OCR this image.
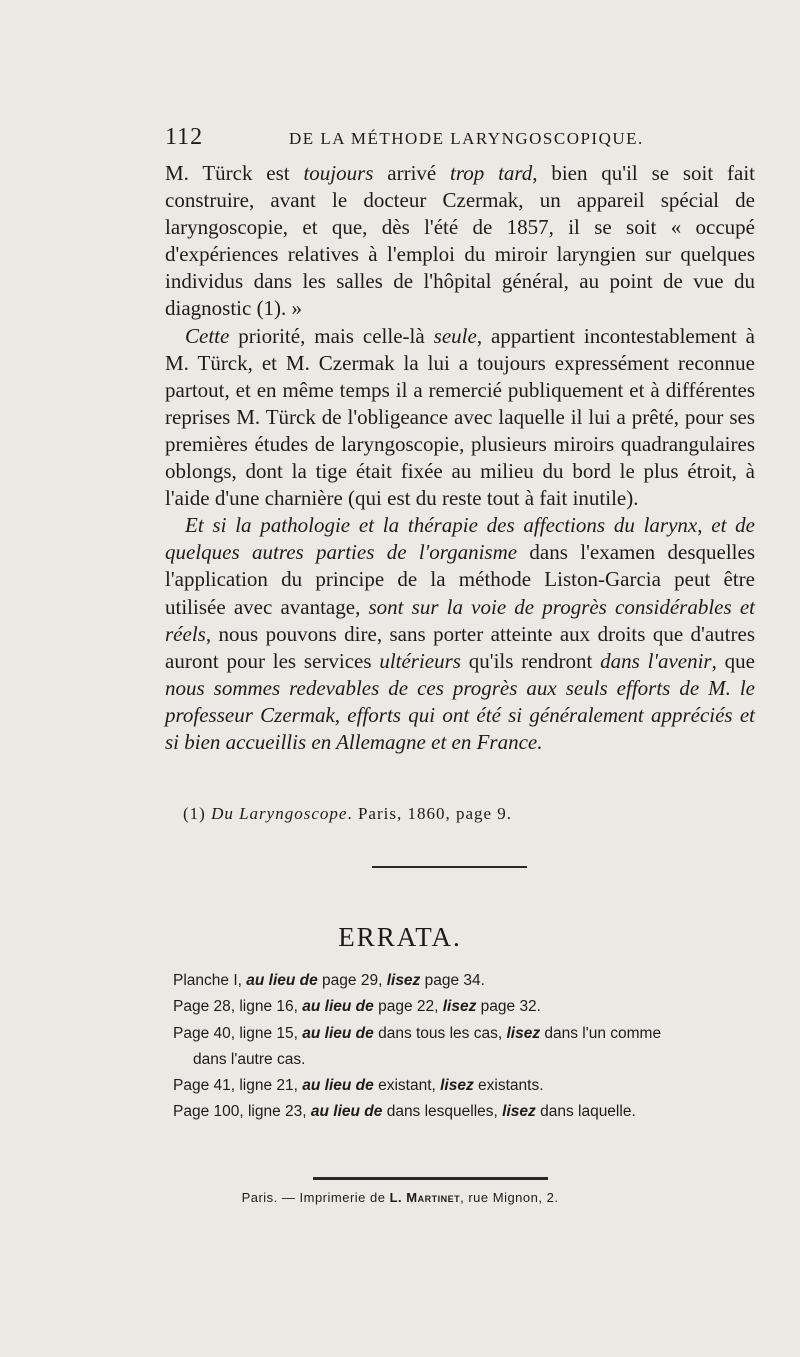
112	DE LA MÉTHODE LARYNGOSCOPIQUE.

M. Türck est toujours arrivé trop tard, bien qu'il se soit fait construire, avant le docteur Czermak, un appareil spécial de laryngoscopie, et que, dès l'été de 1857, il se soit « occupé d'expériences relatives à l'emploi du miroir laryngien sur quelques individus dans les salles de l'hôpital général, au point de vue du diagnostic (1). »

Cette priorité, mais celle-là seule, appartient incontestablement à M. Türck, et M. Czermak la lui a toujours expressément reconnue partout, et en même temps il a remercié publiquement et à différentes reprises M. Türck de l'obligeance avec laquelle il lui a prêté, pour ses premières études de laryngoscopie, plusieurs miroirs quadrangulaires oblongs, dont la tige était fixée au milieu du bord le plus étroit, à l'aide d'une charnière (qui est du reste tout à fait inutile).

Et si la pathologie et la thérapie des affections du larynx, et de quelques autres parties de l'organisme dans l'examen desquelles l'application du principe de la méthode Liston-Garcia peut être utilisée avec avantage, sont sur la voie de progrès considérables et réels, nous pouvons dire, sans porter atteinte aux droits que d'autres auront pour les services ultérieurs qu'ils rendront dans l'avenir, que nous sommes redevables de ces progrès aux seuls efforts de M. le professeur Czermak, efforts qui ont été si généralement appréciés et si bien accueillis en Allemagne et en France.

(1) Du Laryngoscope. Paris, 1860, page 9.
ERRATA.
Planche I, au lieu de page 29, lisez page 34.
Page 28, ligne 16, au lieu de page 22, lisez page 32.
Page 40, ligne 15, au lieu de dans tous les cas, lisez dans l'un comme
dans l'autre cas.
Page 41, ligne 21, au lieu de existant, lisez existants.
Page 100, ligne 23, au lieu de dans lesquelles, lisez dans laquelle.
Paris. — Imprimerie de L. Martinet, rue Mignon, 2.
